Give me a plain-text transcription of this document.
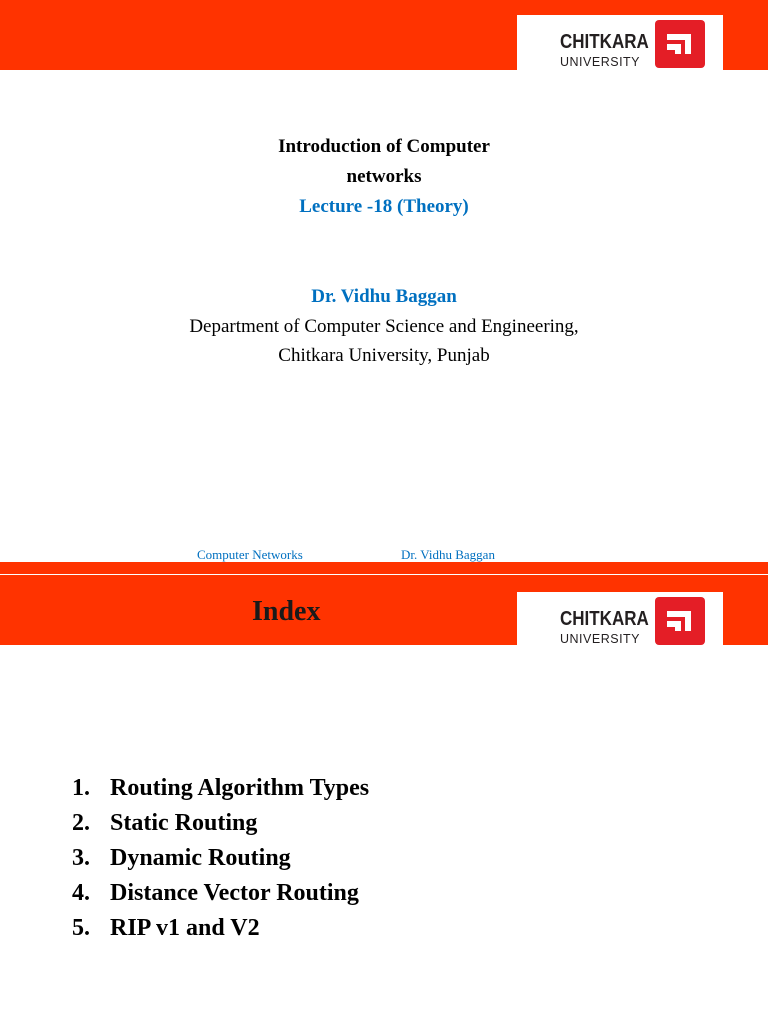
CHITKARA
UNIVERSITY
Introduction of Computer
networks
Lecture -18 (Theory)
Dr. Vidhu Baggan
Department of Computer Science and Engineering,
Chitkara University, Punjab
Computer Networks	Dr. Vidhu Baggan
Index	CHITKARA
UNIVERSITY
1. Routing Algorithm Types
2. Static Routing
3. Dynamic Routing
4. Distance Vector Routing
5. RIP v1 and V2
